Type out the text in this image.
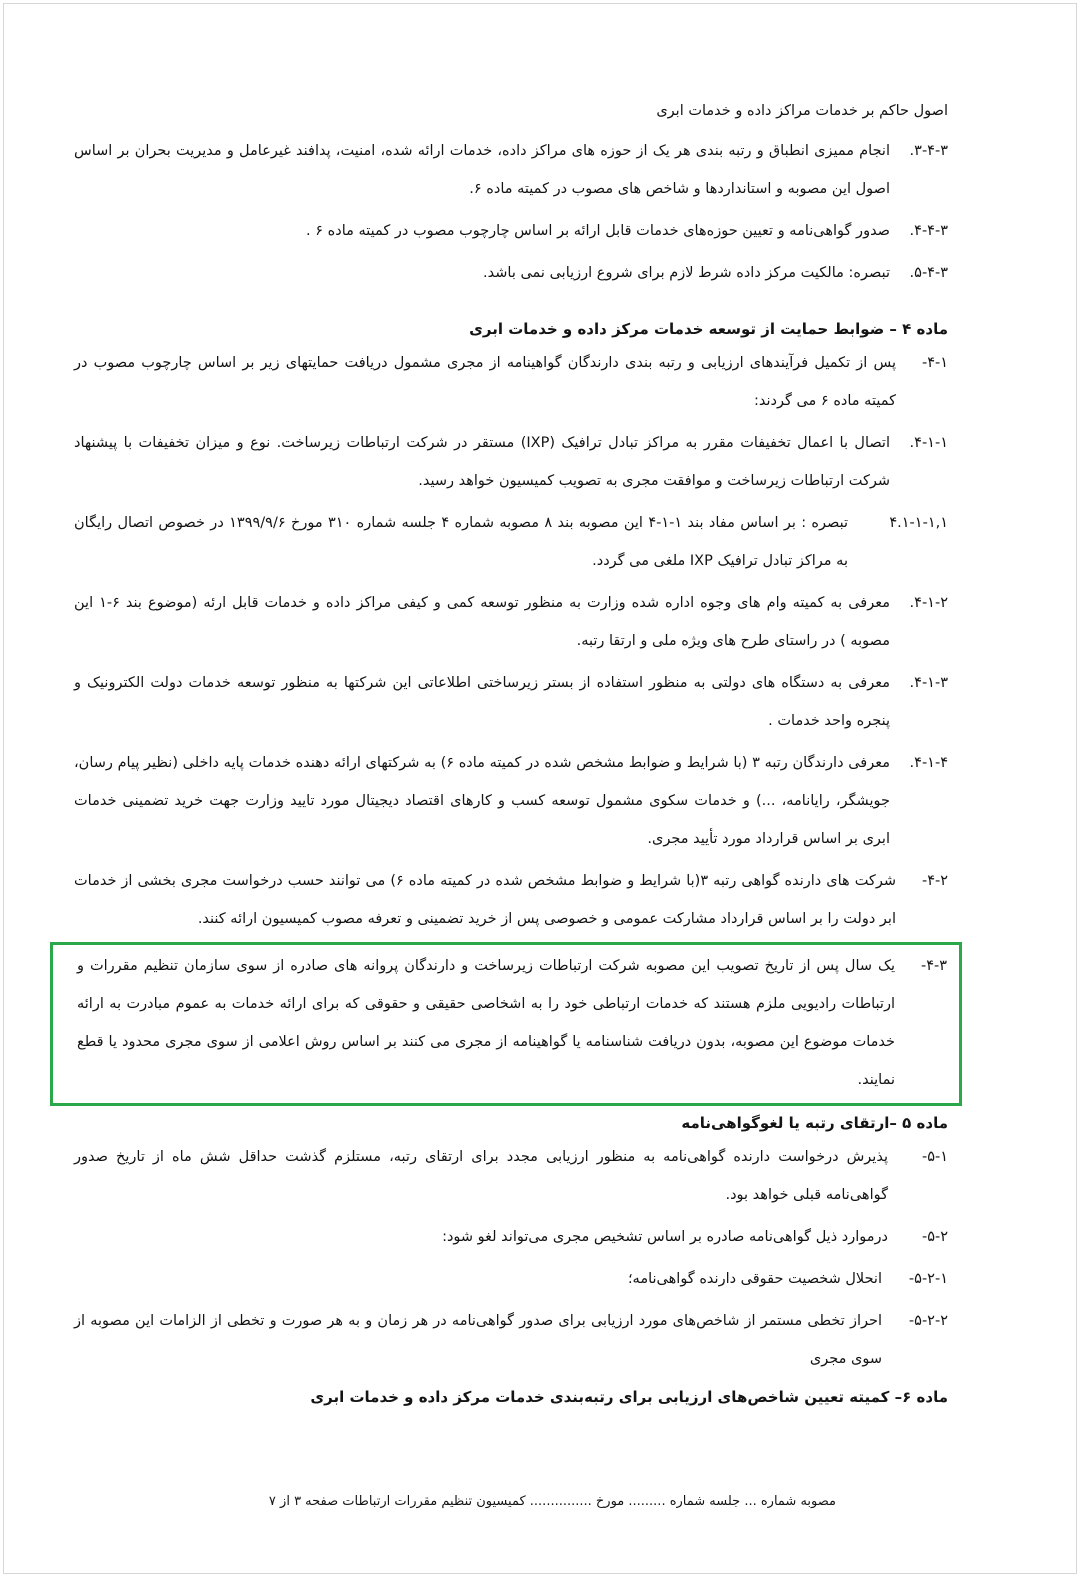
اصول حاکم بر خدمات مراکز داده و خدمات ابری
۳-۴-۳.
انجام ممیزی انطباق و رتبه بندی هر یک از حوزه های مراکز داده، خدمات ارائه شده، امنیت، پدافند غیرعامل و مدیریت بحران بر اساس اصول این مصوبه و استانداردها و شاخص های مصوب در کمیته ماده ۶.
۴-۴-۳.
صدور گواهی‌نامه و تعیین حوزه‌های خدمات قابل ارائه بر اساس چارچوب مصوب در کمیته ماده ۶ .
۵-۴-۳.
تبصره: مالکیت مرکز داده شرط لازم برای شروع ارزیابی نمی باشد.
ماده ۴ – ضوابط حمایت از توسعه خدمات مرکز داده و خدمات ابری
۴-۱-
پس از تکمیل فرآیندهای ارزیابی و رتبه بندی دارندگان گواهینامه از مجری مشمول دریافت حمایتهای زیر بر اساس چارچوب مصوب در کمیته ماده ۶ می گردند:
۴-۱-۱.
اتصال با اعمال تخفیفات مقرر به مراکز تبادل ترافیک (IXP) مستقر در شرکت ارتباطات زیرساخت. نوع و میزان تخفیفات با پیشنهاد شرکت ارتباطات زیرساخت و موافقت مجری به تصویب کمیسیون خواهد رسید.
۴.۱-۱-۱,۱
تبصره : بر اساس مفاد بند ۱-۱-۴ این مصوبه بند ۸ مصوبه شماره ۴ جلسه شماره ۳۱۰ مورخ ۱۳۹۹/۹/۶ در خصوص اتصال رایگان به مراکز تبادل ترافیک IXP ملغی می گردد.
۴-۱-۲.
معرفی به کمیته وام های وجوه اداره شده وزارت به منظور توسعه کمی و کیفی مراکز داده و خدمات قابل ارئه (موضوع بند ۶-۱ این مصوبه ) در راستای طرح های ویژه ملی و ارتقا رتبه.
۴-۱-۳.
معرفی به دستگاه های دولتی به منظور استفاده از بستر زیرساختی اطلاعاتی این شرکتها به منظور توسعه خدمات دولت الکترونیک و پنجره واحد خدمات .
۴-۱-۴.
معرفی دارندگان رتبه ۳ (با شرایط و ضوابط مشخص شده در کمیته ماده ۶) به شرکتهای ارائه دهنده خدمات پایه داخلی (نظیر پیام رسان، جویشگر، رایانامه، ...) و خدمات سکوی مشمول توسعه کسب و کارهای اقتصاد دیجیتال مورد تایید وزارت جهت خرید تضمینی خدمات ابری بر اساس قرارداد مورد تأیید مجری.
۴-۲-
شرکت های دارنده گواهی رتبه ۳(با شرایط و ضوابط مشخص شده در کمیته ماده ۶) می توانند حسب درخواست مجری بخشی از خدمات ابر دولت را بر اساس قرارداد مشارکت عمومی و خصوصی پس از خرید تضمینی و تعرفه مصوب کمیسیون ارائه کنند.
۴-۳-
یک سال پس از تاریخ تصویب این مصوبه شرکت ارتباطات زیرساخت و دارندگان پروانه های صادره از سوی سازمان تنظیم مقررات و ارتباطات رادیویی ملزم هستند که خدمات ارتباطی خود را به اشخاصی حقیقی و حقوقی که برای ارائه خدمات به عموم مبادرت به ارائه خدمات موضوع این مصوبه، بدون دریافت شناسنامه یا گواهینامه از مجری می کنند بر اساس روش اعلامی از سوی مجری محدود یا قطع نمایند.
ماده ۵ –ارتقای رتبه یا لغوگواهی‌نامه
۵-۱-
پذیرش درخواست دارنده گواهی‌نامه به منظور ارزیابی مجدد برای ارتقای رتبه، مستلزم گذشت حداقل شش ماه از تاریخ صدور گواهی‌نامه قبلی خواهد بود.
۵-۲-
درموارد ذیل گواهی‌نامه صادره بر اساس تشخیص مجری می‌تواند لغو شود:
۵-۲-۱-
انحلال شخصیت حقوقی دارنده گواهی‌نامه؛
۵-۲-۲-
احراز تخطی مستمر از شاخص‌های مورد ارزیابی برای صدور گواهی‌نامه در هر زمان و به هر صورت و تخطی از الزامات این مصوبه از سوی مجری
ماده ۶– کمیته تعیین شاخص‌های ارزیابی برای رتبه‌بندی خدمات مرکز داده و خدمات ابری
مصوبه شماره ... جلسه شماره ......... مورخ ............... کمیسیون تنظیم مقررات ارتباطات صفحه ۳ از ۷
